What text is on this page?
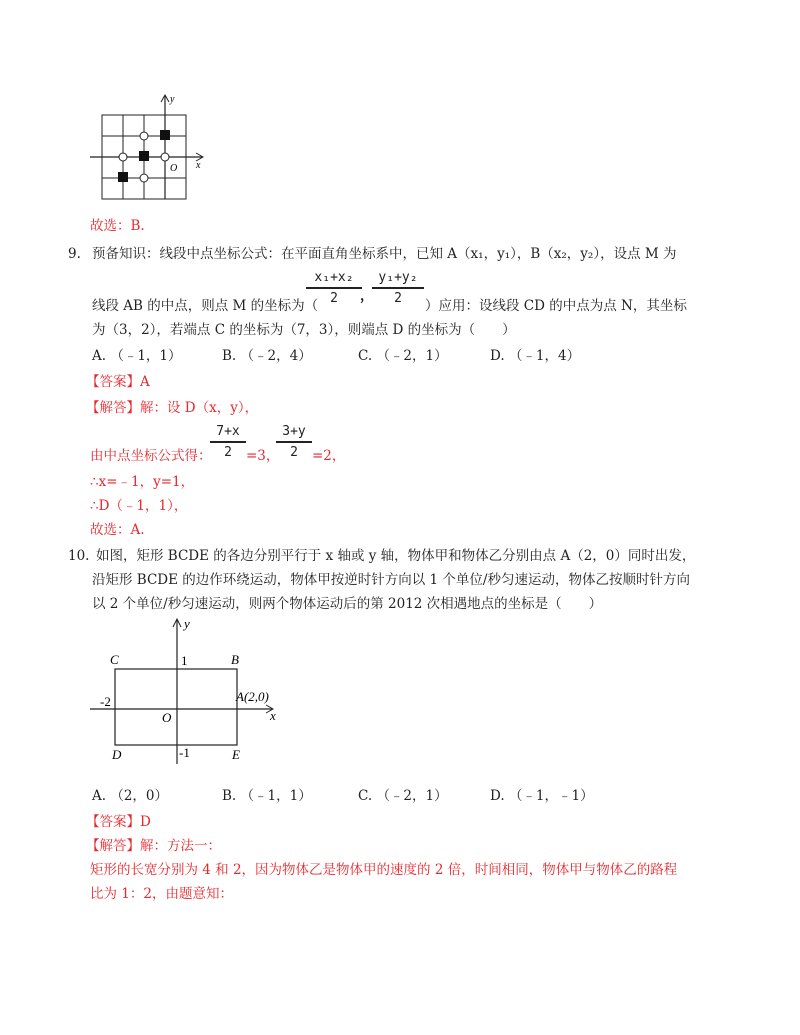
y
x
O
故选：B.
9. 预备知识：线段中点坐标公式：在平面直角坐标系中，已知 A（x₁，y₁），B（x₂，y₂），设点 M 为
x₁+x₂
2	，
y₁+y₂
2
线段 AB 的中点，则点 M 的坐标为（	）应用：设线段 CD 的中点为点 N，其坐标
为（3，2），若端点 C 的坐标为（7，3），则端点 D 的坐标为（　　）
A. （﹣1，1）	B. （﹣2，4）	C. （﹣2，1）	D. （﹣1，4）
【答案】A
【解答】解：设 D（x，y），
由中点坐标公式得：
7+x
2	=3，
3+y
2	=2，
∴x=﹣1，y=1，
∴D（﹣1，1），
故选：A.
10. 如图，矩形 BCDE 的各边分别平行于 x 轴或 y 轴，物体甲和物体乙分别由点 A（2，0）同时出发，
沿矩形 BCDE 的边作环绕运动，物体甲按逆时针方向以 1 个单位/秒匀速运动，物体乙按顺时针方向
以 2 个单位/秒匀速运动，则两个物体运动后的第 2012 次相遇地点的坐标是（　　）
y
x
C	1	B
-2	A(2,0)
O
D	-1	E
A. （2，0）	B. （﹣1，1）	C. （﹣2，1）	D. （﹣1，﹣1）
【答案】D
【解答】解：方法一：
矩形的长宽分别为 4 和 2，因为物体乙是物体甲的速度的 2 倍，时间相同，物体甲与物体乙的路程
比为 1：2，由题意知：
